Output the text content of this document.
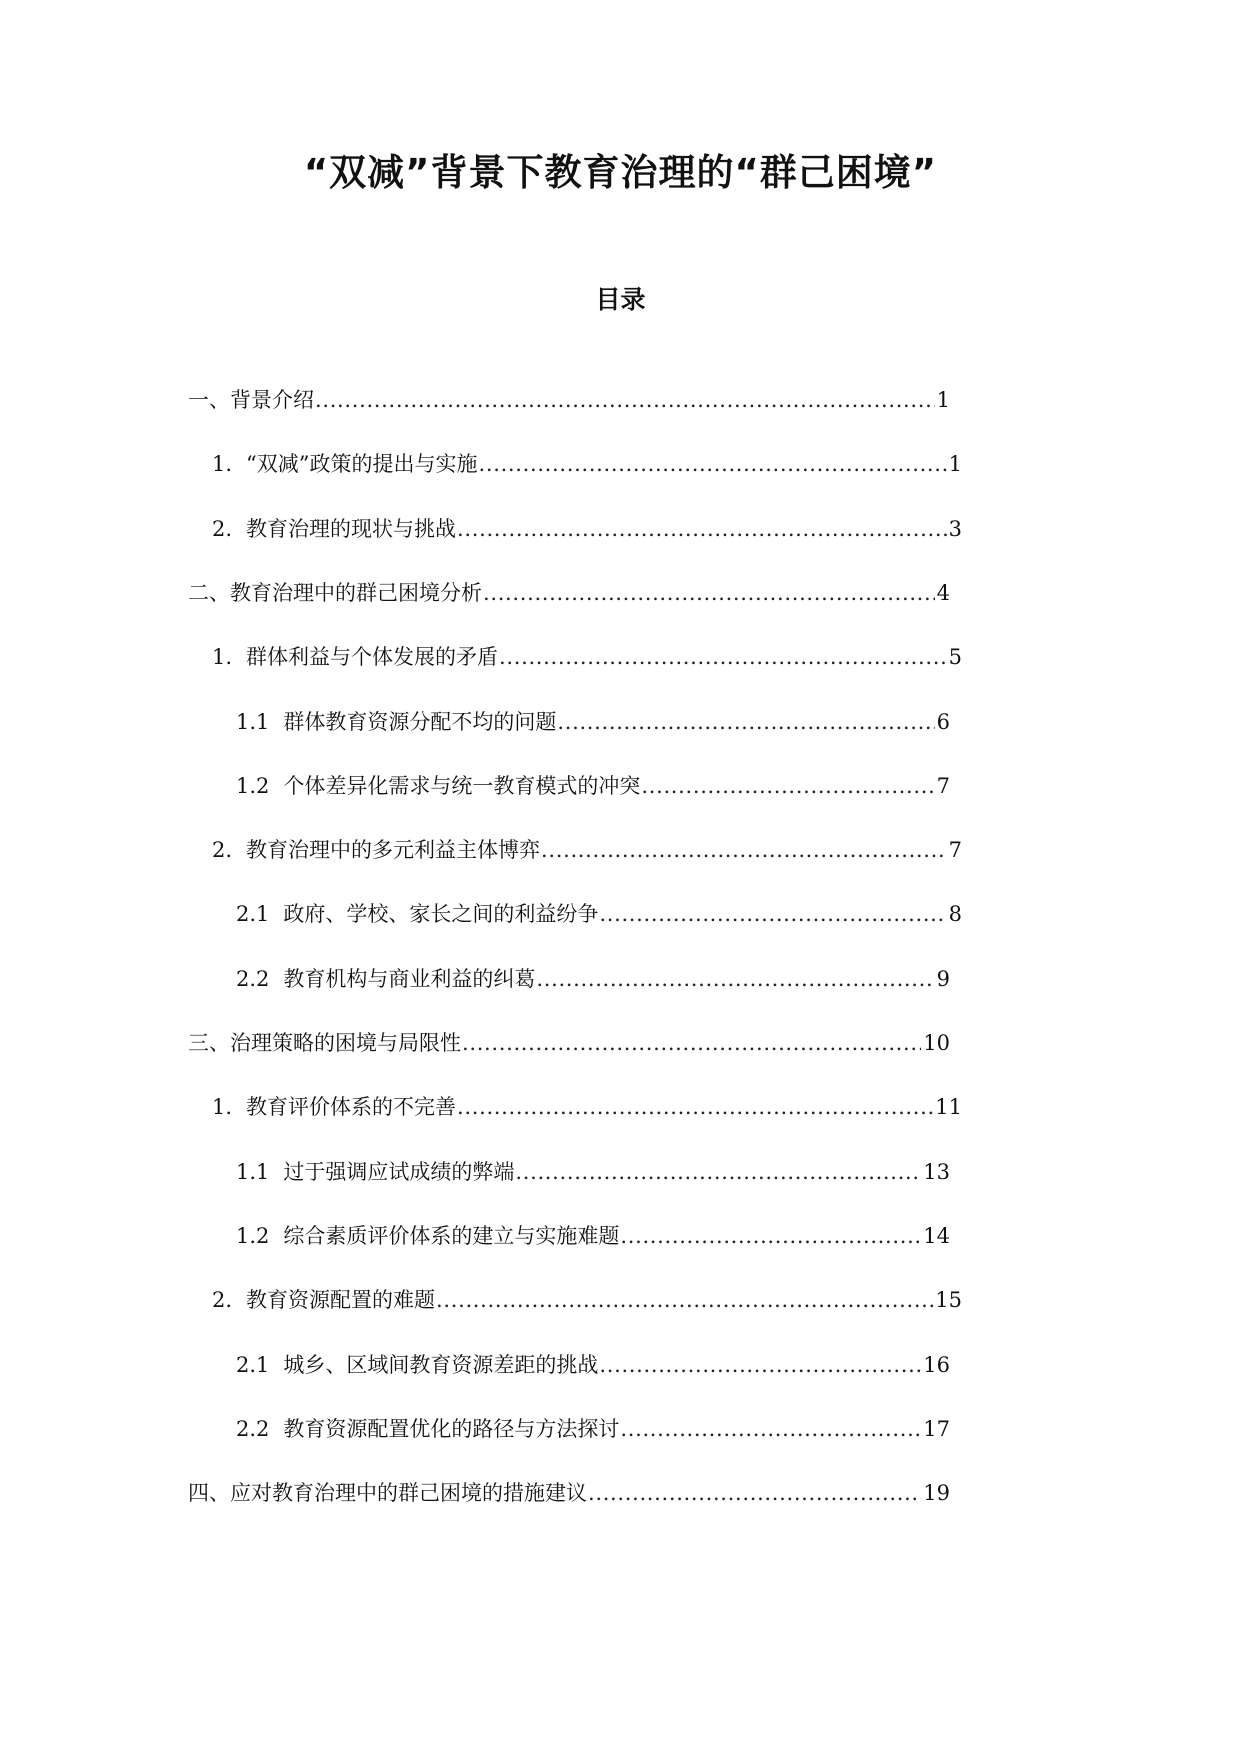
“双减”背景下教育治理的“群己困境”
目录
一、背景介绍 . . .	1
1. “双减”政策的提出与实施 . . .	1
2. 教育治理的现状与挑战 . . .	3
二、教育治理中的群己困境分析 . . .	4
1. 群体利益与个体发展的矛盾 . . .	5
1.1 群体教育资源分配不均的问题 . . .	6
1.2 个体差异化需求与统一教育模式的冲突 . . .	7
2. 教育治理中的多元利益主体博弈 . . .	7
2.1 政府、学校、家长之间的利益纷争 . . .	8
2.2 教育机构与商业利益的纠葛 . . .	9
三、治理策略的困境与局限性 . . .	10
1. 教育评价体系的不完善 . . .	11
1.1 过于强调应试成绩的弊端 . . .	13
1.2 综合素质评价体系的建立与实施难题 . . .	14
2. 教育资源配置的难题 . . .	15
2.1 城乡、区域间教育资源差距的挑战 . . .	16
2.2 教育资源配置优化的路径与方法探讨 . . .	17
四、应对教育治理中的群己困境的措施建议 . . .	19
